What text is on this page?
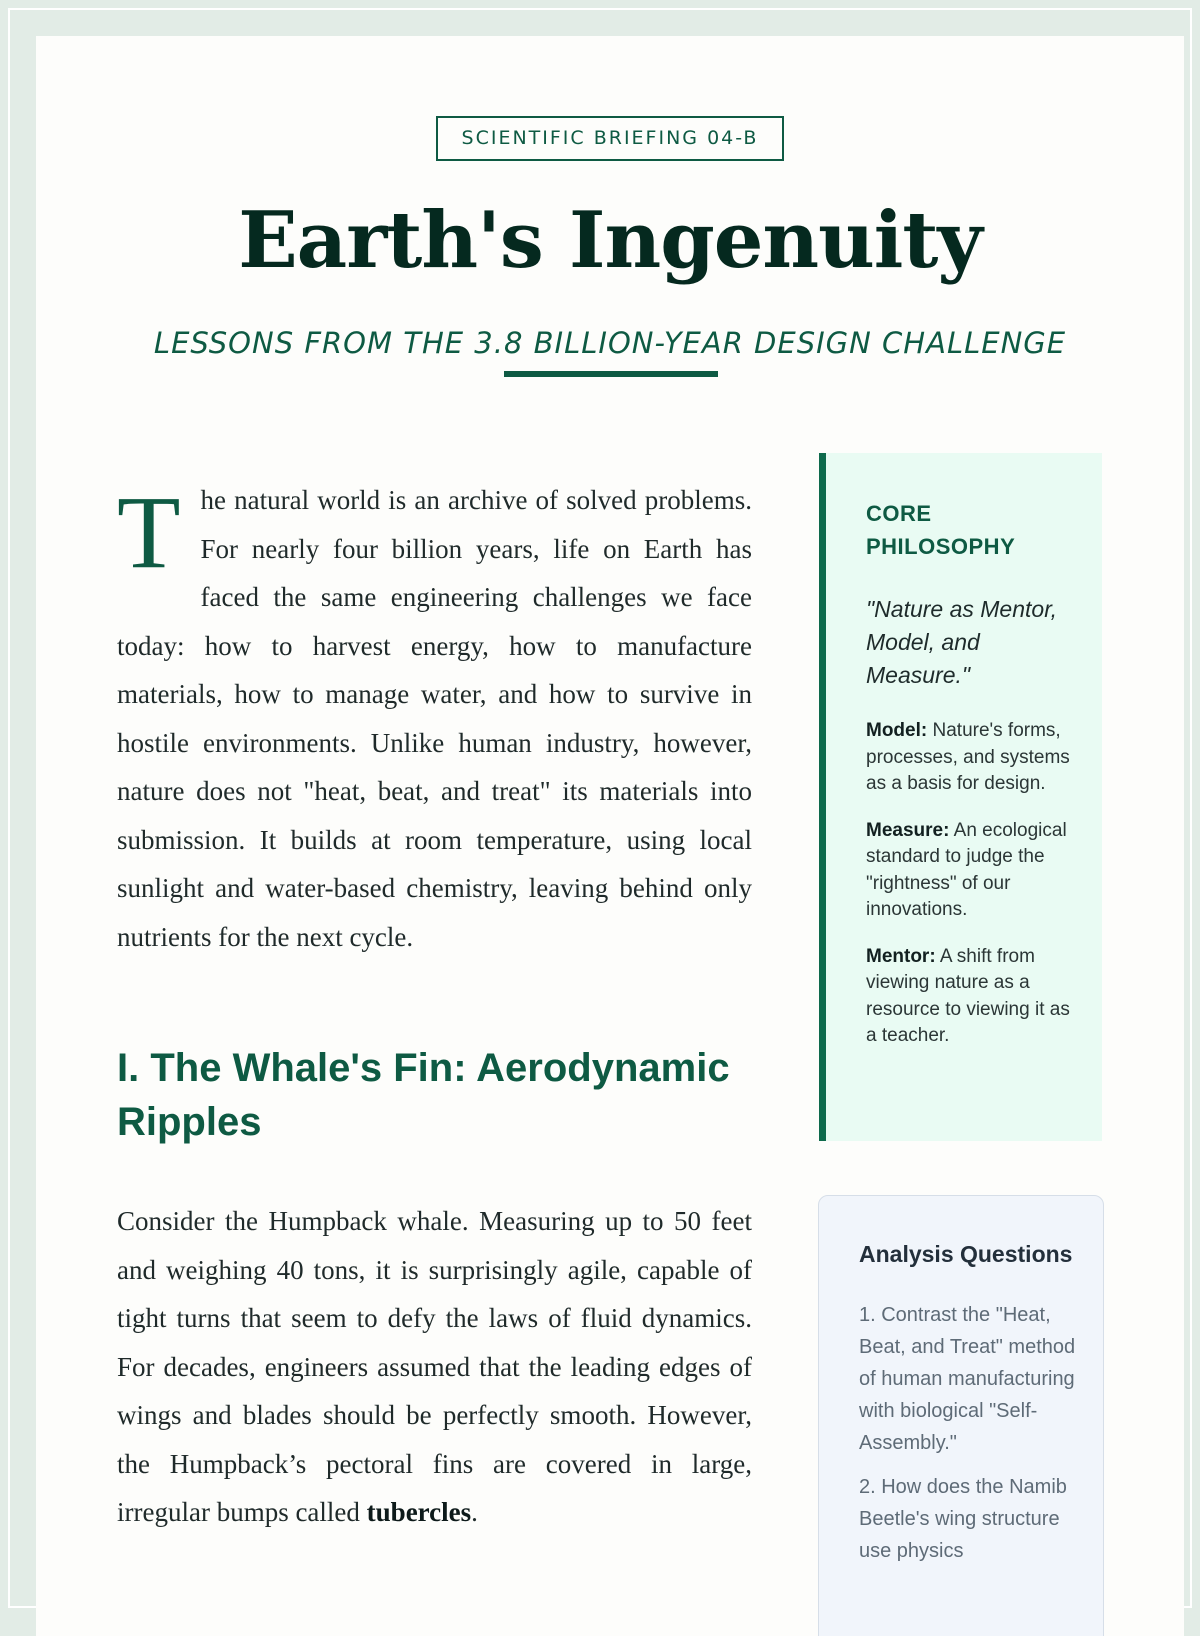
SCIENTIFIC BRIEFING 04-B
Earth's Ingenuity
LESSONS FROM THE 3.8 BILLION-YEAR DESIGN CHALLENGE

The natural world is an archive of solved problems. For nearly four billion years, life on Earth has faced the same engineering challenges we face today: how to harvest energy, how to manufacture materials, how to manage water, and how to survive in hostile environments. Unlike human industry, however, nature does not "heat, beat, and treat" its materials into submission. It builds at room temperature, using local sunlight and water-based chemistry, leaving behind only nutrients for the next cycle.

I. The Whale's Fin: Aerodynamic Ripples

Consider the Humpback whale. Measuring up to 50 feet and weighing 40 tons, it is surprisingly agile, capable of tight turns that seem to defy the laws of fluid dynamics. For decades, engineers assumed that the leading edges of wings and blades should be perfectly smooth. However, the Humpback’s pectoral fins are covered in large, irregular bumps called tubercles.

CORE PHILOSOPHY
"Nature as Mentor, Model, and Measure."
Model: Nature's forms, processes, and systems as a basis for design.
Measure: An ecological standard to judge the "rightness" of our innovations.
Mentor: A shift from viewing nature as a resource to viewing it as a teacher.
Analysis Questions
1. Contrast the "Heat, Beat, and Treat" method of human manufacturing with biological "Self-Assembly."
2. How does the Namib Beetle's wing structure use physics
